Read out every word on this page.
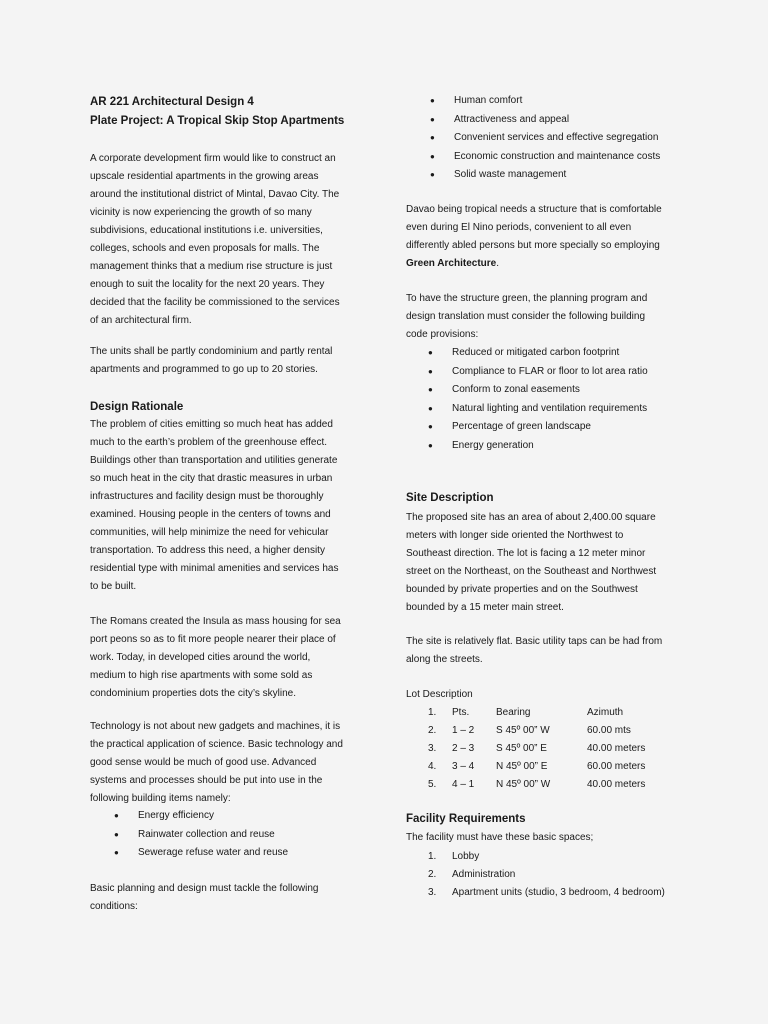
AR 221 Architectural Design 4
Plate Project: A Tropical Skip Stop Apartments
A corporate development firm would like to construct an
upscale residential apartments in the growing areas
around the institutional district of Mintal, Davao City. The
vicinity is now experiencing the growth of so many
subdivisions, educational institutions i.e. universities,
colleges, schools and even proposals for malls. The
management thinks that a medium rise structure is just
enough to suit the locality for the next 20 years. They
decided that the facility be commissioned to the services
of an architectural firm.
The units shall be partly condominium and partly rental
apartments and programmed to go up to 20 stories.
Design Rationale
The problem of cities emitting so much heat has added
much to the earth’s problem of the greenhouse effect.
Buildings other than transportation and utilities generate
so much heat in the city that drastic measures in urban
infrastructures and facility design must be thoroughly
examined. Housing people in the centers of towns and
communities, will help minimize the need for vehicular
transportation. To address this need, a higher density
residential type with minimal amenities and services has
to be built.
The Romans created the Insula as mass housing for sea
port peons so as to fit more people nearer their place of
work. Today, in developed cities around the world,
medium to high rise apartments with some sold as
condominium properties dots the city’s skyline.
Technology is not about new gadgets and machines, it is
the practical application of science. Basic technology and
good sense would be much of good use. Advanced
systems and processes should be put into use in the
following building items namely:
● Energy efficiency
● Rainwater collection and reuse
● Sewerage refuse water and reuse
Basic planning and design must tackle the following
conditions:
● Human comfort
● Attractiveness and appeal
● Convenient services and effective segregation
● Economic construction and maintenance costs
● Solid waste management
Davao being tropical needs a structure that is comfortable
even during El Nino periods, convenient to all even
differently abled persons but more specially so employing
Green Architecture.
To have the structure green, the planning program and
design translation must consider the following building
code provisions:
● Reduced or mitigated carbon footprint
● Compliance to FLAR or floor to lot area ratio
● Conform to zonal easements
● Natural lighting and ventilation requirements
● Percentage of green landscape
● Energy generation
Site Description
The proposed site has an area of about 2,400.00 square
meters with longer side oriented the Northwest to
Southeast direction. The lot is facing a 12 meter minor
street on the Northeast, on the Southeast and Northwest
bounded by private properties and on the Southwest
bounded by a 15 meter main street.
The site is relatively flat. Basic utility taps can be had from
along the streets.
Lot Description
1.	Pts.	Bearing	Azimuth
2.	1 – 2	S 45º 00” W	60.00 mts
3.	2 – 3	S 45º 00” E	40.00 meters
4.	3 – 4	N 45º 00” E	60.00 meters
5.	4 – 1	N 45º 00” W	40.00 meters
Facility Requirements
The facility must have these basic spaces;
1. Lobby
2. Administration
3. Apartment units (studio, 3 bedroom, 4 bedroom)
